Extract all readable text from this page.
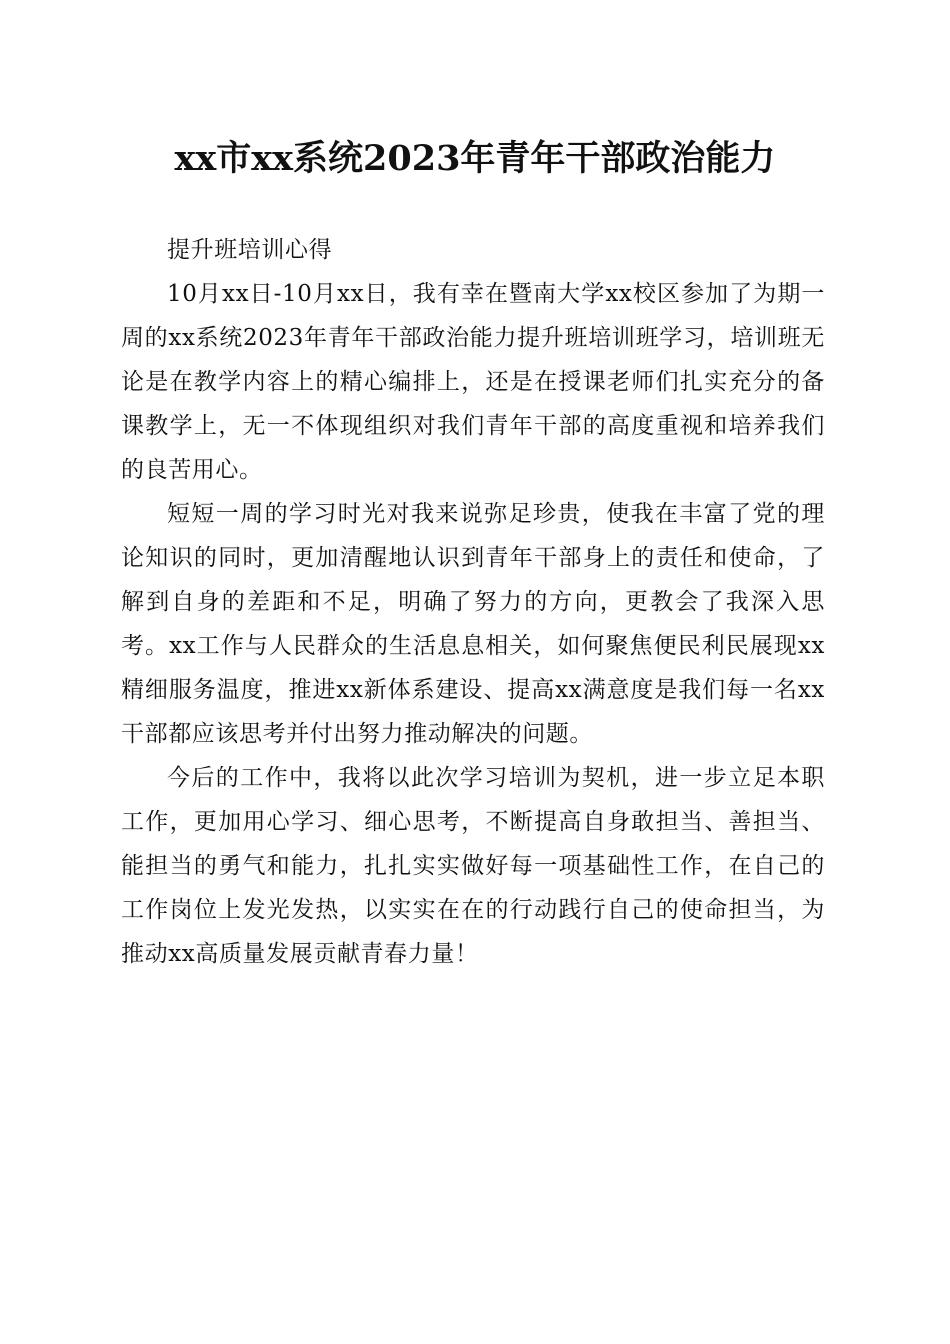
xx市xx系统2023年青年干部政治能力

提升班培训心得

10月xx日-10月xx日，我有幸在暨南大学xx校区参加了为期一周的xx系统2023年青年干部政治能力提升班培训班学习，培训班无论是在教学内容上的精心编排上，还是在授课老师们扎实充分的备课教学上，无一不体现组织对我们青年干部的高度重视和培养我们的良苦用心。

短短一周的学习时光对我来说弥足珍贵，使我在丰富了党的理论知识的同时，更加清醒地认识到青年干部身上的责任和使命，了解到自身的差距和不足，明确了努力的方向，更教会了我深入思考。xx工作与人民群众的生活息息相关，如何聚焦便民利民展现xx精细服务温度，推进xx新体系建设、提高xx满意度是我们每一名xx干部都应该思考并付出努力推动解决的问题。

今后的工作中，我将以此次学习培训为契机，进一步立足本职工作，更加用心学习、细心思考，不断提高自身敢担当、善担当、能担当的勇气和能力，扎扎实实做好每一项基础性工作，在自己的工作岗位上发光发热，以实实在在的行动践行自己的使命担当，为推动xx高质量发展贡献青春力量！
